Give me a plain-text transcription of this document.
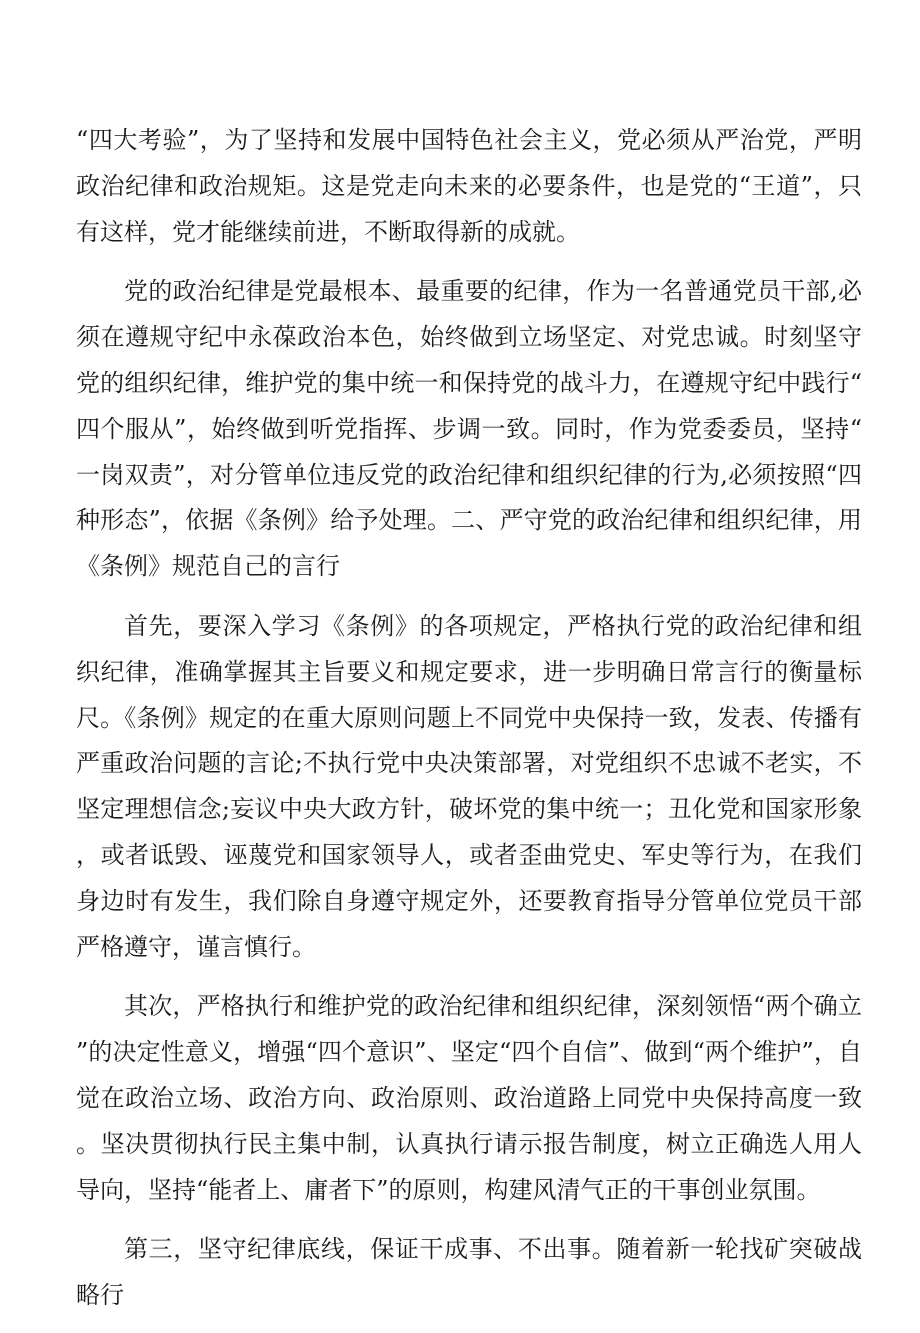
“四大考验”，为了坚持和发展中国特色社会主义，党必须从严治党，严明政治纪律和政治规矩。这是党走向未来的必要条件，也是党的“王道”，只有这样，党才能继续前进，不断取得新的成就。

党的政治纪律是党最根本、最重要的纪律，作为一名普通党员干部,必须在遵规守纪中永葆政治本色，始终做到立场坚定、对党忠诚。时刻坚守党的组织纪律，维护党的集中统一和保持党的战斗力，在遵规守纪中践行“四个服从”，始终做到听党指挥、步调一致。同时，作为党委委员，坚持“一岗双责”，对分管单位违反党的政治纪律和组织纪律的行为,必须按照“四种形态”，依据《条例》给予处理。二、严守党的政治纪律和组织纪律，用《条例》规范自己的言行

首先，要深入学习《条例》的各项规定，严格执行党的政治纪律和组织纪律，准确掌握其主旨要义和规定要求，进一步明确日常言行的衡量标尺。《条例》规定的在重大原则问题上不同党中央保持一致，发表、传播有严重政治问题的言论;不执行党中央决策部署，对党组织不忠诚不老实，不坚定理想信念;妄议中央大政方针，破坏党的集中统一；丑化党和国家形象，或者诋毁、诬蔑党和国家领导人，或者歪曲党史、军史等行为，在我们身边时有发生，我们除自身遵守规定外，还要教育指导分管单位党员干部严格遵守，谨言慎行。

其次，严格执行和维护党的政治纪律和组织纪律，深刻领悟“两个确立”的决定性意义，增强“四个意识”、坚定“四个自信”、做到“两个维护”，自觉在政治立场、政治方向、政治原则、政治道路上同党中央保持高度一致。坚决贯彻执行民主集中制，认真执行请示报告制度，树立正确选人用人导向，坚持“能者上、庸者下”的原则，构建风清气正的干事创业氛围。

第三，坚守纪律底线，保证干成事、不出事。随着新一轮找矿突破战略行
